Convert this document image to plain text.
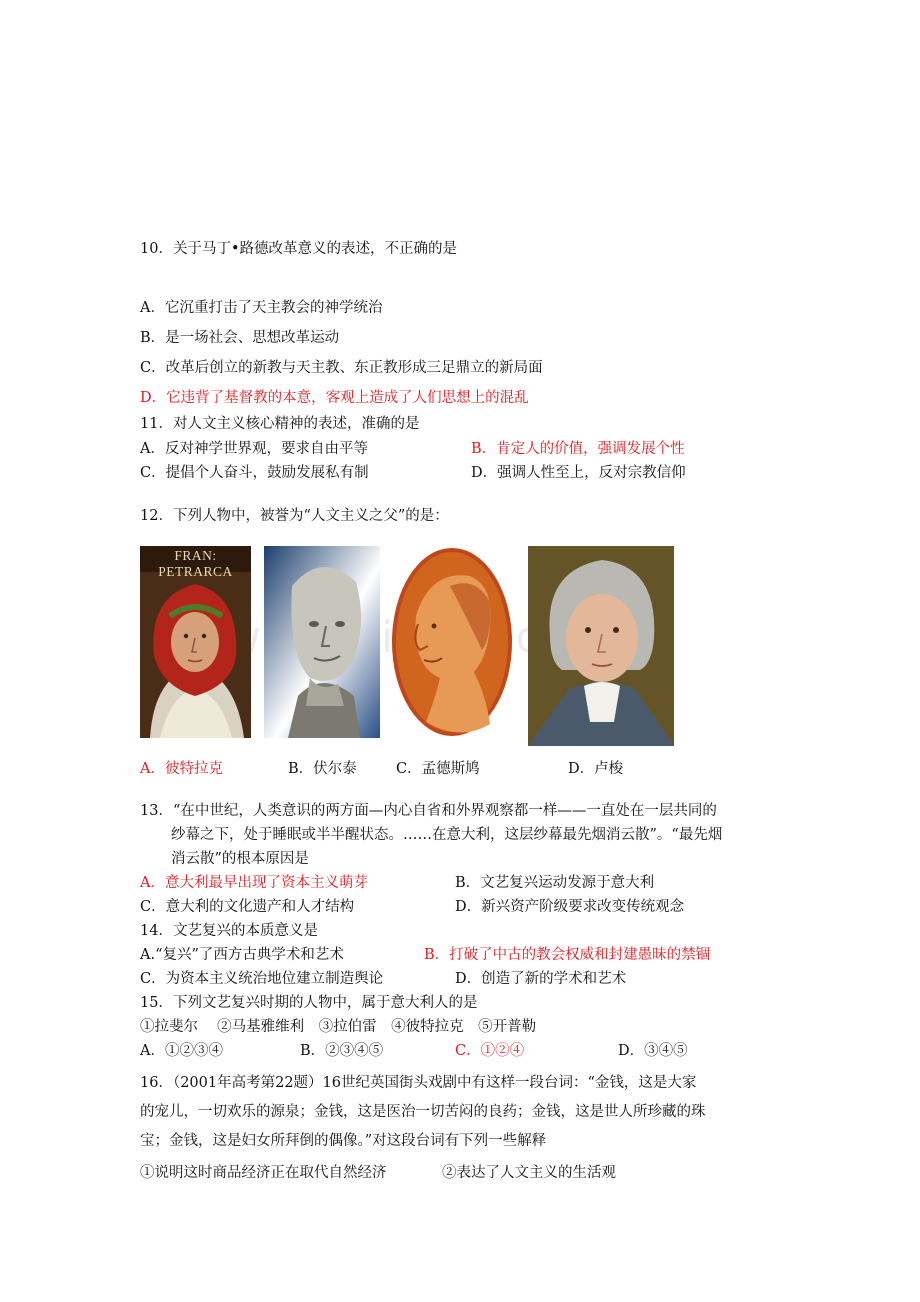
10．关于马丁•路德改革意义的表述，不正确的是
A．它沉重打击了天主教会的神学统治
B．是一场社会、思想改革运动
C．改革后创立的新教与天主教、东正教形成三足鼎立的新局面
D．它违背了基督教的本意，客观上造成了人们思想上的混乱
11．对人文主义核心精神的表述，准确的是
A．反对神学世界观，要求自由平等	B．肯定人的价值，强调发展个性
C．提倡个人奋斗，鼓励发展私有制	D．强调人性至上，反对宗教信仰
12．下列人物中，被誉为“人文主义之父”的是：
FRAN: PETRARCA
A．彼特拉克	B．伏尔泰	C．孟德斯鸠	D．卢梭
13．“在中世纪，人类意识的两方面—内心自省和外界观察都一样——一直处在一层共同的
纱幕之下，处于睡眠或半半醒状态。……在意大利，这层纱幕最先烟消云散”。“最先烟
消云散”的根本原因是
A．意大利最早出现了资本主义萌芽	B．文艺复兴运动发源于意大利
C．意大利的文化遗产和人才结构	D．新兴资产阶级要求改变传统观念
14．文艺复兴的本质意义是
A.“复兴”了西方古典学术和艺术	B．打破了中古的教会权威和封建愚昧的禁锢
C．为资本主义统治地位建立制造舆论	D．创造了新的学术和艺术
15．下列文艺复兴时期的人物中，属于意大利人的是
①拉斐尔　 ②马基雅维利　③拉伯雷　④彼特拉克　⑤开普勒
A．①②③④	B．②③④⑤	C．①②④	D．③④⑤
16．（2001年高考第22题）16世纪英国街头戏剧中有这样一段台词：“金钱，这是大家
的宠儿，一切欢乐的源泉；金钱，这是医治一切苦闷的良药；金钱，这是世人所珍藏的珠
宝；金钱，这是妇女所拜倒的偶像。”对这段台词有下列一些解释
①说明这时商品经济正在取代自然经济	②表达了人文主义的生活观
